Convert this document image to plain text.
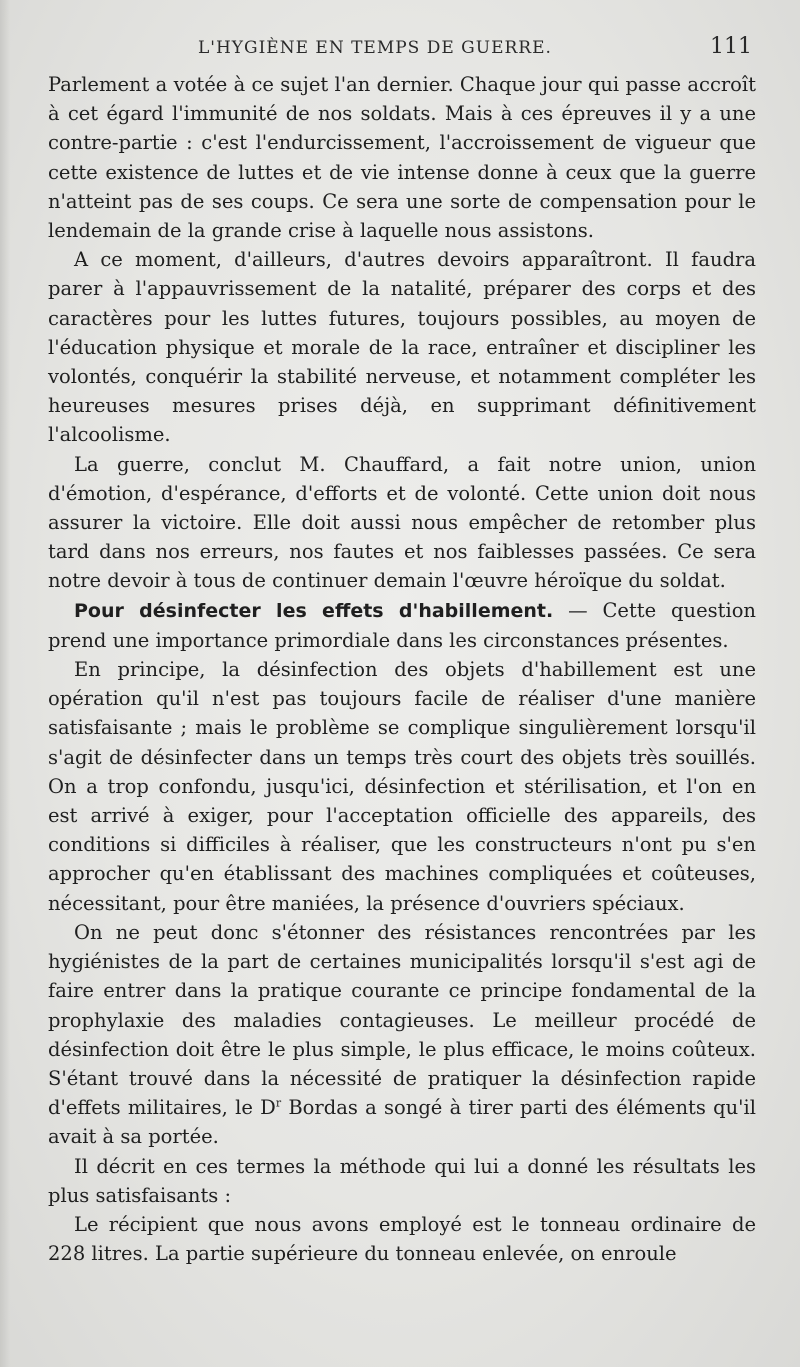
L'HYGIÈNE EN TEMPS DE GUERRE.	111

Parlement a votée à ce sujet l'an dernier. Chaque jour qui passe accroît à cet égard l'immunité de nos soldats. Mais à ces épreuves il y a une contre-partie : c'est l'endurcissement, l'accroissement de vigueur que cette existence de luttes et de vie intense donne à ceux que la guerre n'atteint pas de ses coups. Ce sera une sorte de compensation pour le lendemain de la grande crise à laquelle nous assistons.

A ce moment, d'ailleurs, d'autres devoirs apparaîtront. Il faudra parer à l'appauvrissement de la natalité, préparer des corps et des caractères pour les luttes futures, toujours possibles, au moyen de l'éducation physique et morale de la race, entraîner et discipliner les volontés, conquérir la stabilité nerveuse, et notamment compléter les heureuses mesures prises déjà, en supprimant définitivement l'alcoolisme.

La guerre, conclut M. Chauffard, a fait notre union, union d'émotion, d'espérance, d'efforts et de volonté. Cette union doit nous assurer la victoire. Elle doit aussi nous empêcher de retomber plus tard dans nos erreurs, nos fautes et nos faiblesses passées. Ce sera notre devoir à tous de continuer demain l'œuvre héroïque du soldat.

Pour désinfecter les effets d'habillement. — Cette question prend une importance primordiale dans les circonstances présentes.

En principe, la désinfection des objets d'habillement est une opération qu'il n'est pas toujours facile de réaliser d'une manière satisfaisante ; mais le problème se complique singulièrement lorsqu'il s'agit de désinfecter dans un temps très court des objets très souillés. On a trop confondu, jusqu'ici, désinfection et stérilisation, et l'on en est arrivé à exiger, pour l'acceptation officielle des appareils, des conditions si difficiles à réaliser, que les constructeurs n'ont pu s'en approcher qu'en établissant des machines compliquées et coûteuses, nécessitant, pour être maniées, la présence d'ouvriers spéciaux.

On ne peut donc s'étonner des résistances rencontrées par les hygiénistes de la part de certaines municipalités lorsqu'il s'est agi de faire entrer dans la pratique courante ce principe fondamental de la prophylaxie des maladies contagieuses. Le meilleur procédé de désinfection doit être le plus simple, le plus efficace, le moins coûteux. S'étant trouvé dans la nécessité de pratiquer la désinfection rapide d'effets militaires, le $D^r$ Bordas a songé à tirer parti des éléments qu'il avait à sa portée.

Il décrit en ces termes la méthode qui lui a donné les résultats les plus satisfaisants :

Le récipient que nous avons employé est le tonneau ordinaire de 228 litres. La partie supérieure du tonneau enlevée, on enroule
